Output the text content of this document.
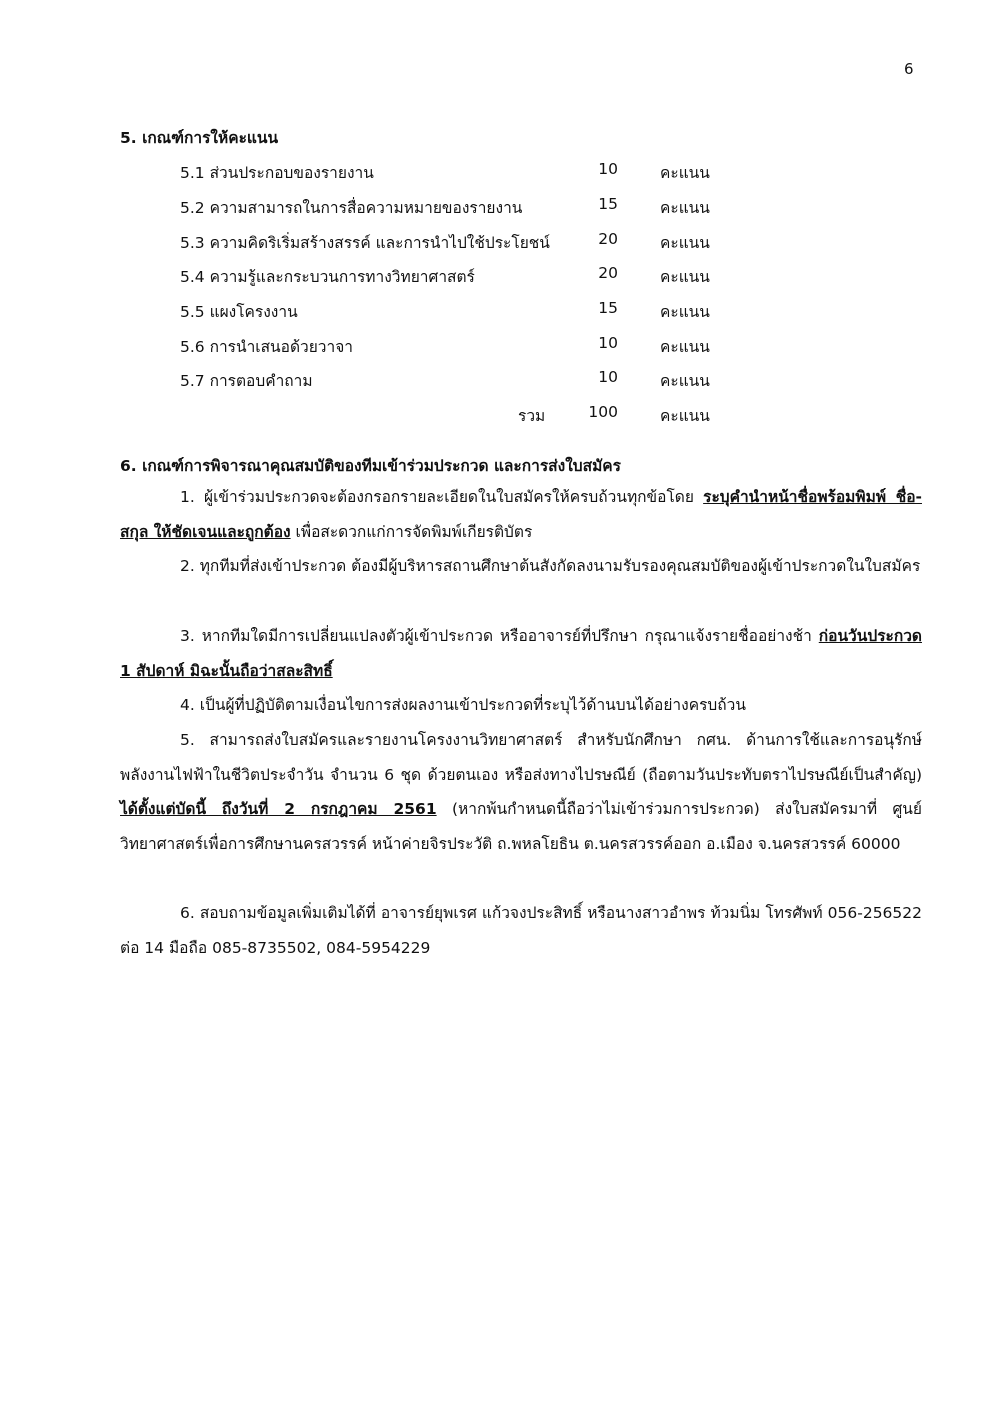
6
5. เกณฑ์การให้คะแนน
5.1 ส่วนประกอบของรายงาน	10	คะแนน
5.2 ความสามารถในการสื่อความหมายของรายงาน	15	คะแนน
5.3 ความคิดริเริ่มสร้างสรรค์ และการนำไปใช้ประโยชน์	20	คะแนน
5.4 ความรู้และกระบวนการทางวิทยาศาสตร์	20	คะแนน
5.5 แผงโครงงาน	15	คะแนน
5.6 การนำเสนอด้วยวาจา	10	คะแนน
5.7 การตอบคำถาม	10	คะแนน
รวม	100	คะแนน
6. เกณฑ์การพิจารณาคุณสมบัติของทีมเข้าร่วมประกวด และการส่งใบสมัคร
1. ผู้เข้าร่วมประกวดจะต้องกรอกรายละเอียดในใบสมัครให้ครบถ้วนทุกข้อโดย ระบุคำนำหน้าชื่อพร้อมพิมพ์ ชื่อ-สกุล ให้ชัดเจนและถูกต้อง เพื่อสะดวกแก่การจัดพิมพ์เกียรติบัตร
2. ทุกทีมที่ส่งเข้าประกวด ต้องมีผู้บริหารสถานศึกษาต้นสังกัดลงนามรับรองคุณสมบัติของผู้เข้าประกวดในใบสมัคร
3. หากทีมใดมีการเปลี่ยนแปลงตัวผู้เข้าประกวด หรืออาจารย์ที่ปรึกษา กรุณาแจ้งรายชื่ออย่างช้า ก่อนวันประกวด 1 สัปดาห์ มิฉะนั้นถือว่าสละสิทธิ์
4. เป็นผู้ที่ปฏิบัติตามเงื่อนไขการส่งผลงานเข้าประกวดที่ระบุไว้ด้านบนได้อย่างครบถ้วน
5. สามารถส่งใบสมัครและรายงานโครงงานวิทยาศาสตร์ สำหรับนักศึกษา กศน. ด้านการใช้และการอนุรักษ์พลังงานไฟฟ้าในชีวิตประจำวัน จำนวน 6 ชุด ด้วยตนเอง หรือส่งทางไปรษณีย์ (ถือตามวันประทับตราไปรษณีย์เป็นสำคัญ) ได้ตั้งแต่บัดนี้ ถึงวันที่ 2 กรกฎาคม 2561 (หากพ้นกำหนดนี้ถือว่าไม่เข้าร่วมการประกวด) ส่งใบสมัครมาที่ ศูนย์วิทยาศาสตร์เพื่อการศึกษานครสวรรค์ หน้าค่ายจิรประวัติ ถ.พหลโยธิน ต.นครสวรรค์ออก อ.เมือง จ.นครสวรรค์ 60000
6. สอบถามข้อมูลเพิ่มเติมได้ที่ อาจารย์ยุพเรศ แก้วจงประสิทธิ์ หรือนางสาวอำพร ท้วมนิ่ม โทรศัพท์ 056-256522 ต่อ 14 มือถือ 085-8735502, 084-5954229
